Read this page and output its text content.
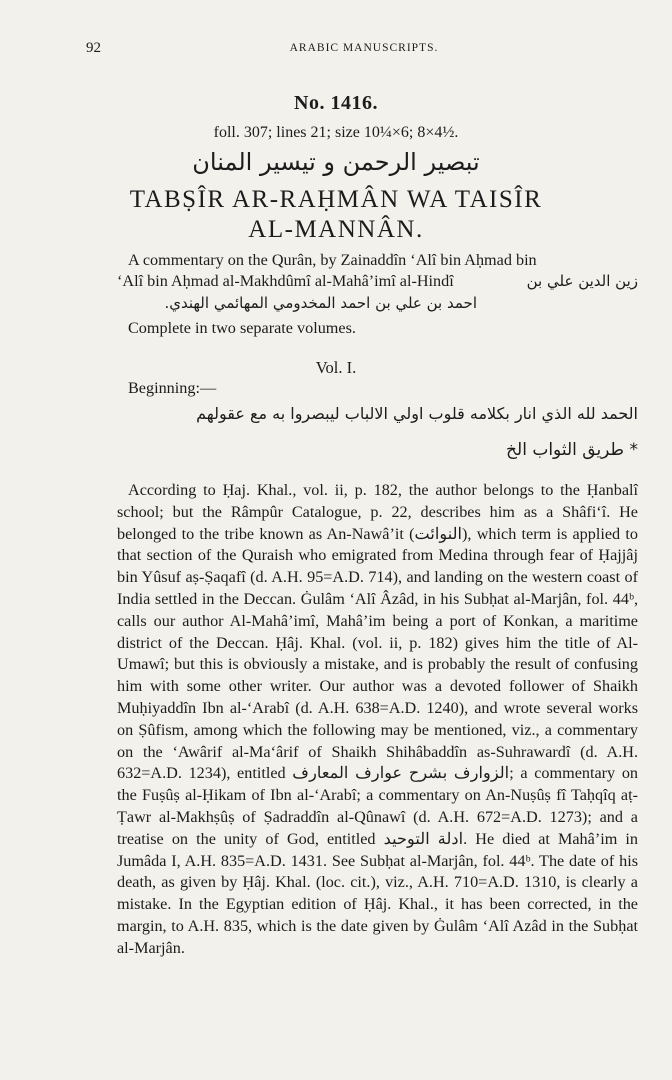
92	ARABIC MANUSCRIPTS.
No. 1416.
foll. 307; lines 21; size 10¼×6; 8×4½.
تبصير الرحمن و تيسير المنان
TABṢÎR AR-RAḤMÂN WA TAISÎR
AL-MANNÂN.
A commentary on the Qurân, by Zainaddîn ‘Alî bin Aḥmad bin
‘Alî bin Aḥmad al-Makhdûmî al-Mahâ’imî al-Hindî	زين الدين علي بن
احمد بن علي بن احمد المخدومي المهائمي الهندي.
Complete in two separate volumes.
Vol. I.
Beginning:—
الحمد لله الذي انار بكلامه قلوب اولي الالباب ليبصروا به مع عقولهم
* طريق الثواب الخ
According to Ḥaj. Khal., vol. ii, p. 182, the author belongs to the Ḥanbalî school; but the Râmpûr Catalogue, p. 22, describes him as a Shâfi‘î. He belonged to the tribe known as An-Nawâ’it (النوائت), which term is applied to that section of the Quraish who emigrated from Medina through fear of Ḥajjâj bin Yûsuf aṣ-Ṣaqafî (d. A.H. 95=A.D. 714), and landing on the western coast of India settled in the Deccan. Ġulâm ‘Alî Âzâd, in his Subḥat al-Marjân, fol. 44ᵇ, calls our author Al-Mahâ’imî, Mahâ’im being a port of Konkan, a maritime district of the Deccan. Ḥâj. Khal. (vol. ii, p. 182) gives him the title of Al-Umawî; but this is obviously a mistake, and is probably the result of confusing him with some other writer. Our author was a devoted follower of Shaikh Muḥiyaddîn Ibn al-‘Arabî (d. A.H. 638=A.D. 1240), and wrote several works on Ṣûfism, among which the following may be mentioned, viz., a commentary on the ‘Awârif al-Ma‘ârif of Shaikh Shihâbaddîn as-Suhrawardî (d. A.H. 632=A.D. 1234), entitled الزوارف بشرح عوارف المعارف; a commentary on the Fuṣûṣ al-Ḥikam of Ibn al-‘Arabî; a commentary on An-Nuṣûṣ fî Taḥqîq aṭ-Ṭawr al-Makhṣûṣ of Ṣadraddîn al-Qûnawî (d. A.H. 672=A.D. 1273); and a treatise on the unity of God, entitled ادلة التوحيد. He died at Mahâ’im in Jumâda I, A.H. 835=A.D. 1431. See Subḥat al-Marjân, fol. 44ᵇ. The date of his death, as given by Ḥâj. Khal. (loc. cit.), viz., A.H. 710=A.D. 1310, is clearly a mistake. In the Egyptian edition of Ḥâj. Khal., it has been corrected, in the margin, to A.H. 835, which is the date given by Ġulâm ‘Alî Azâd in the Subḥat al-Marjân.
